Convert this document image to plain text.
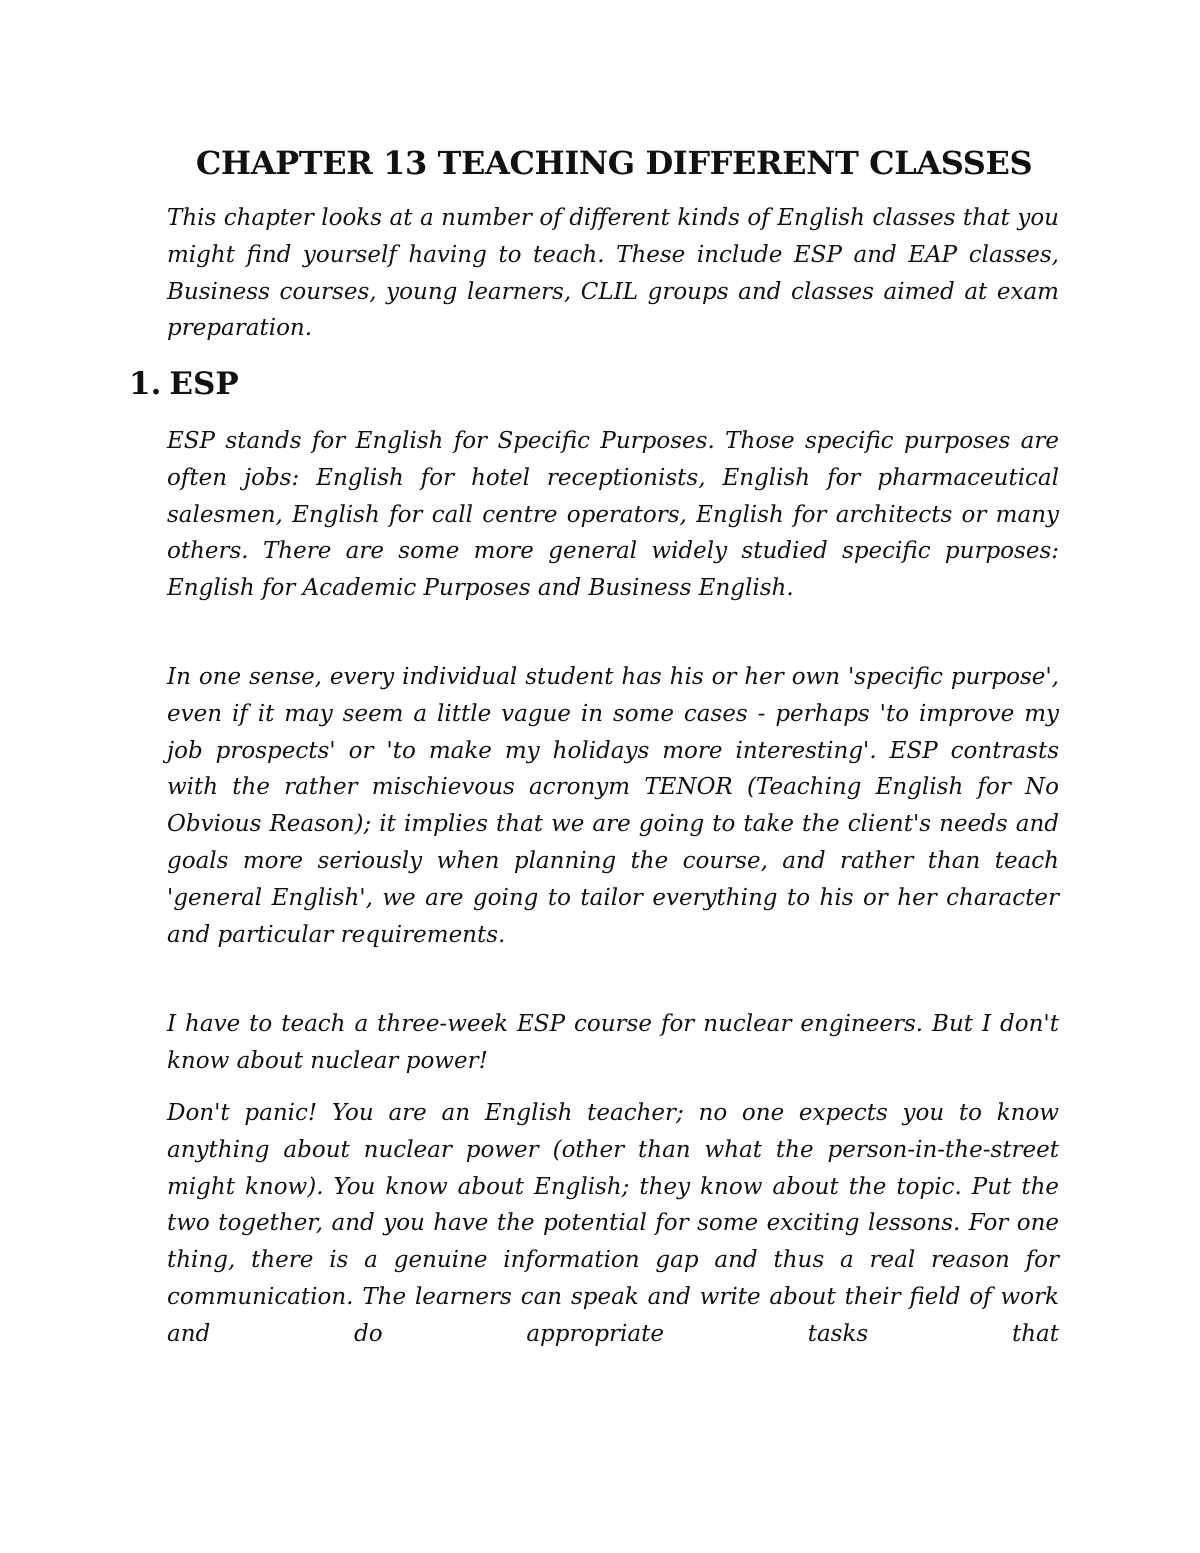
CHAPTER 13 TEACHING DIFFERENT CLASSES

This chapter looks at a number of different kinds of English classes that you might find yourself having to teach. These include ESP and EAP classes, Business courses, young learners, CLIL groups and classes aimed at exam preparation.

1. ESP

ESP stands for English for Specific Purposes. Those specific purposes are often jobs: English for hotel receptionists, English for pharmaceutical salesmen, English for call centre operators, English for architects or many others. There are some more general widely studied specific purposes: English for Academic Purposes and Business English.

In one sense, every individual student has his or her own 'specific purpose', even if it may seem a little vague in some cases - perhaps 'to improve my job prospects' or 'to make my holidays more interesting'. ESP contrasts with the rather mischievous acronym TENOR (Teaching English for No Obvious Reason); it implies that we are going to take the client's needs and goals more seriously when planning the course, and rather than teach 'general English', we are going to tailor everything to his or her character and particular requirements.

I have to teach a three-week ESP course for nuclear engineers. But I don't know about nuclear power!

Don't panic! You are an English teacher; no one expects you to know anything about nuclear power (other than what the person-in-the-street might know). You know about English; they know about the topic. Put the two together, and you have the potential for some exciting lessons. For one thing, there is a genuine information gap and thus a real reason for communication. The learners can speak and write about their field of work and do appropriate tasks that
